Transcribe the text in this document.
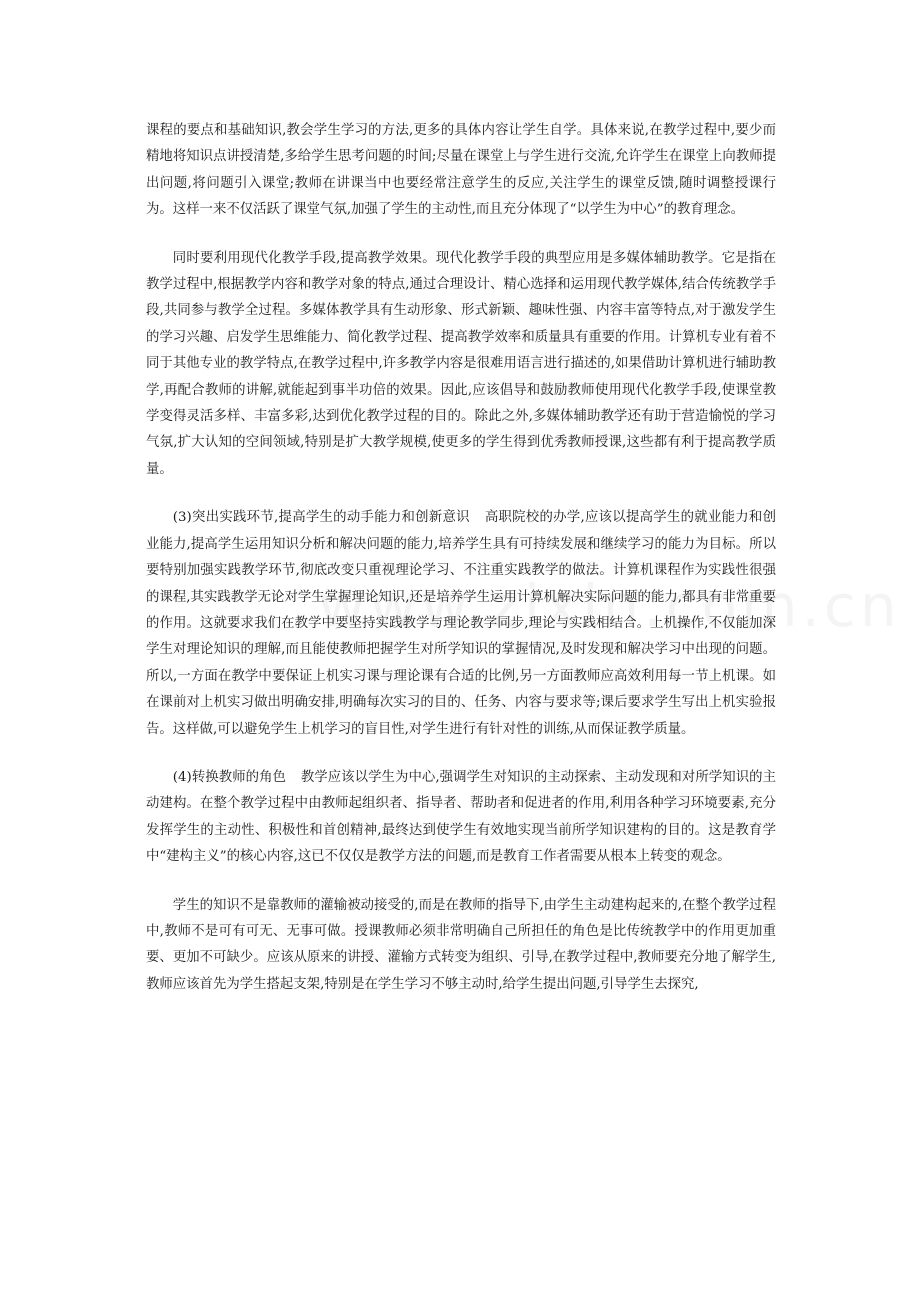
课程的要点和基础知识,教会学生学习的方法,更多的具体内容让学生自学。具体来说,在教学过程中,要少而精地将知识点讲授清楚,多给学生思考问题的时间;尽量在课堂上与学生进行交流,允许学生在课堂上向教师提出问题,将问题引入课堂;教师在讲课当中也要经常注意学生的反应,关注学生的课堂反馈,随时调整授课行为。这样一来不仅活跃了课堂气氛,加强了学生的主动性,而且充分体现了“以学生为中心”的教育理念。

同时要利用现代化教学手段,提高教学效果。现代化教学手段的典型应用是多媒体辅助教学。它是指在教学过程中,根据教学内容和教学对象的特点,通过合理设计、精心选择和运用现代教学媒体,结合传统教学手段,共同参与教学全过程。多媒体教学具有生动形象、形式新颖、趣味性强、内容丰富等特点,对于激发学生的学习兴趣、启发学生思维能力、简化教学过程、提高教学效率和质量具有重要的作用。计算机专业有着不同于其他专业的教学特点,在教学过程中,许多教学内容是很难用语言进行描述的,如果借助计算机进行辅助教学,再配合教师的讲解,就能起到事半功倍的效果。因此,应该倡导和鼓励教师使用现代化教学手段,使课堂教学变得灵活多样、丰富多彩,达到优化教学过程的目的。除此之外,多媒体辅助教学还有助于营造愉悦的学习气氛,扩大认知的空间领域,特别是扩大教学规模,使更多的学生得到优秀教师授课,这些都有利于提高教学质量。

(3)突出实践环节,提高学生的动手能力和创新意识 高职院校的办学,应该以提高学生的就业能力和创业能力,提高学生运用知识分析和解决问题的能力,培养学生具有可持续发展和继续学习的能力为目标。所以要特别加强实践教学环节,彻底改变只重视理论学习、不注重实践教学的做法。计算机课程作为实践性很强的课程,其实践教学无论对学生掌握理论知识,还是培养学生运用计算机解决实际问题的能力,都具有非常重要的作用。这就要求我们在教学中要坚持实践教学与理论教学同步,理论与实践相结合。上机操作,不仅能加深学生对理论知识的理解,而且能使教师把握学生对所学知识的掌握情况,及时发现和解决学习中出现的问题。所以,一方面在教学中要保证上机实习课与理论课有合适的比例,另一方面教师应高效利用每一节上机课。如在课前对上机实习做出明确安排,明确每次实习的目的、任务、内容与要求等;课后要求学生写出上机实验报告。这样做,可以避免学生上机学习的盲目性,对学生进行有针对性的训练,从而保证教学质量。

(4)转换教师的角色 教学应该以学生为中心,强调学生对知识的主动探索、主动发现和对所学知识的主动建构。在整个教学过程中由教师起组织者、指导者、帮助者和促进者的作用,利用各种学习环境要素,充分发挥学生的主动性、积极性和首创精神,最终达到使学生有效地实现当前所学知识建构的目的。这是教育学中“建构主义”的核心内容,这已不仅仅是教学方法的问题,而是教育工作者需要从根本上转变的观念。

学生的知识不是靠教师的灌输被动接受的,而是在教师的指导下,由学生主动建构起来的,在整个教学过程中,教师不是可有可无、无事可做。授课教师必须非常明确自己所担任的角色是比传统教学中的作用更加重要、更加不可缺少。应该从原来的讲授、灌输方式转变为组织、引导,在教学过程中,教师要充分地了解学生,教师应该首先为学生搭起支架,特别是在学生学习不够主动时,给学生提出问题,引导学生去探究,
